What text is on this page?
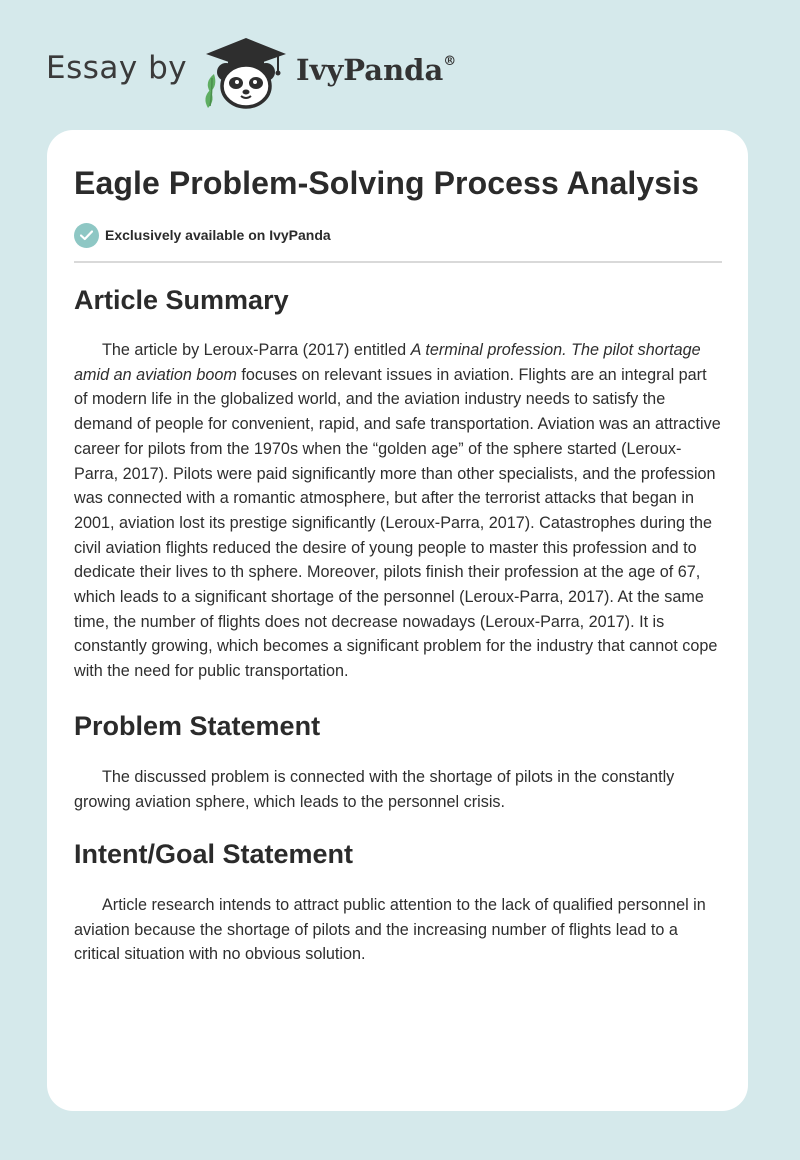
Essay by	IvyPanda®
Eagle Problem-Solving Process Analysis
Exclusively available on IvyPanda
Article Summary

The article by Leroux-Parra (2017) entitled A terminal profession. The pilot shortage amid an aviation boom focuses on relevant issues in aviation. Flights are an integral part of modern life in the globalized world, and the aviation industry needs to satisfy the demand of people for convenient, rapid, and safe transportation. Aviation was an attractive career for pilots from the 1970s when the “golden age” of the sphere started (Leroux-Parra, 2017). Pilots were paid significantly more than other specialists, and the profession was connected with a romantic atmosphere, but after the terrorist attacks that began in 2001, aviation lost its prestige significantly (Leroux-Parra, 2017). Catastrophes during the civil aviation flights reduced the desire of young people to master this profession and to dedicate their lives to th sphere. Moreover, pilots finish their profession at the age of 67, which leads to a significant shortage of the personnel (Leroux-Parra, 2017). At the same time, the number of flights does not decrease nowadays (Leroux-Parra, 2017). It is constantly growing, which becomes a significant problem for the industry that cannot cope with the need for public transportation.

Problem Statement

The discussed problem is connected with the shortage of pilots in the constantly growing aviation sphere, which leads to the personnel crisis.

Intent/Goal Statement

Article research intends to attract public attention to the lack of qualified personnel in aviation because the shortage of pilots and the increasing number of flights lead to a critical situation with no obvious solution.
